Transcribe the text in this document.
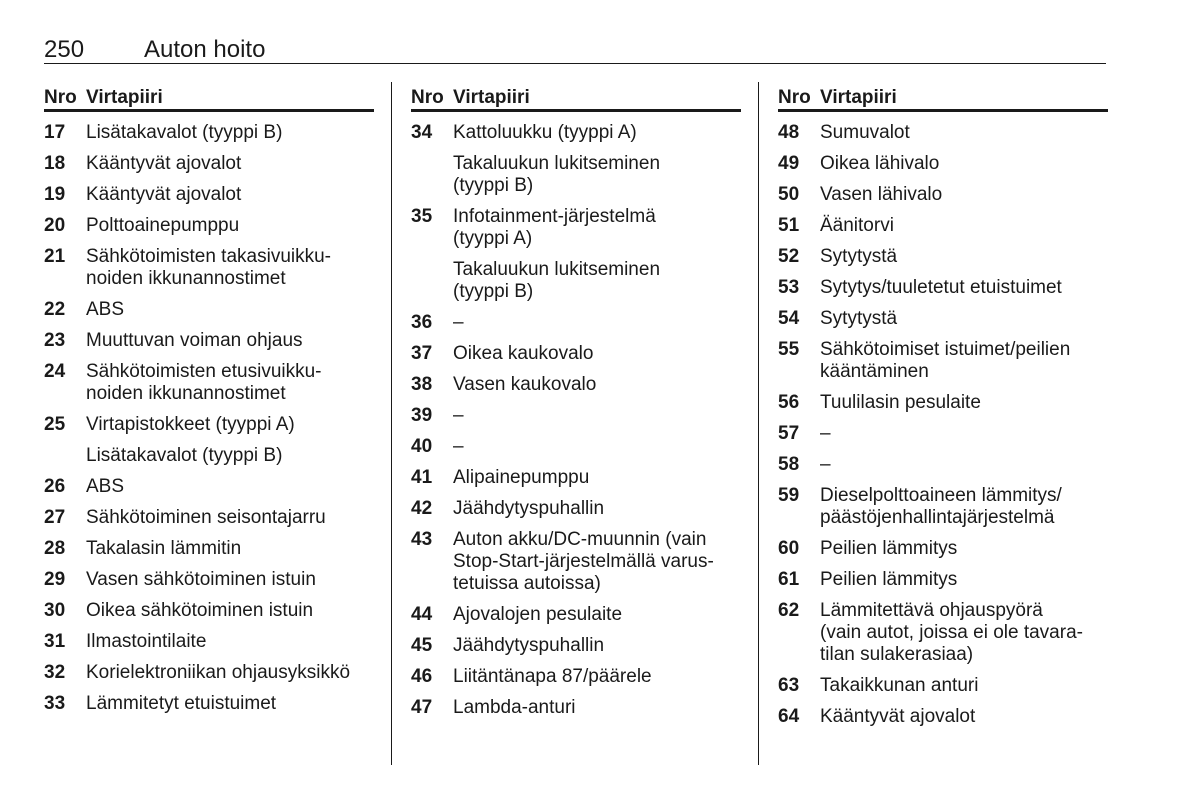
250 Auton hoito
Nro Virtapiiri
17	Lisätakavalot (tyyppi B)
18	Kääntyvät ajovalot
19	Kääntyvät ajovalot
20	Polttoainepumppu
21	Sähkötoimisten takasivuikku-
noiden ikkunannostimet
22	ABS
23	Muuttuvan voiman ohjaus
24	Sähkötoimisten etusivuikku-
noiden ikkunannostimet
25	Virtapistokkeet (tyyppi A)
Lisätakavalot (tyyppi B)
26	ABS
27	Sähkötoiminen seisontajarru
28	Takalasin lämmitin
29	Vasen sähkötoiminen istuin
30	Oikea sähkötoiminen istuin
31	Ilmastointilaite
32	Korielektroniikan ohjausyksikkö
33	Lämmitetyt etuistuimet
Nro Virtapiiri
34	Kattoluukku (tyyppi A)
Takaluukun lukitseminen
(tyyppi B)
35	Infotainment-järjestelmä
(tyyppi A)
Takaluukun lukitseminen
(tyyppi B)
36	–
37	Oikea kaukovalo
38	Vasen kaukovalo
39	–
40	–
41	Alipainepumppu
42	Jäähdytyspuhallin
43	Auton akku/DC-muunnin (vain
Stop-Start-järjestelmällä varus-
tetuissa autoissa)
44	Ajovalojen pesulaite
45	Jäähdytyspuhallin
46	Liitäntänapa 87/päärele
47	Lambda-anturi
Nro Virtapiiri
48	Sumuvalot
49	Oikea lähivalo
50	Vasen lähivalo
51	Äänitorvi
52	Sytytystä
53	Sytytys/tuuletetut etuistuimet
54	Sytytystä
55	Sähkötoimiset istuimet/peilien
kääntäminen
56	Tuulilasin pesulaite
57	–
58	–
59	Dieselpolttoaineen lämmitys/
päästöjenhallintajärjestelmä
60	Peilien lämmitys
61	Peilien lämmitys
62	Lämmitettävä ohjauspyörä
(vain autot, joissa ei ole tavara-
tilan sulakerasiaa)
63	Takaikkunan anturi
64	Kääntyvät ajovalot
